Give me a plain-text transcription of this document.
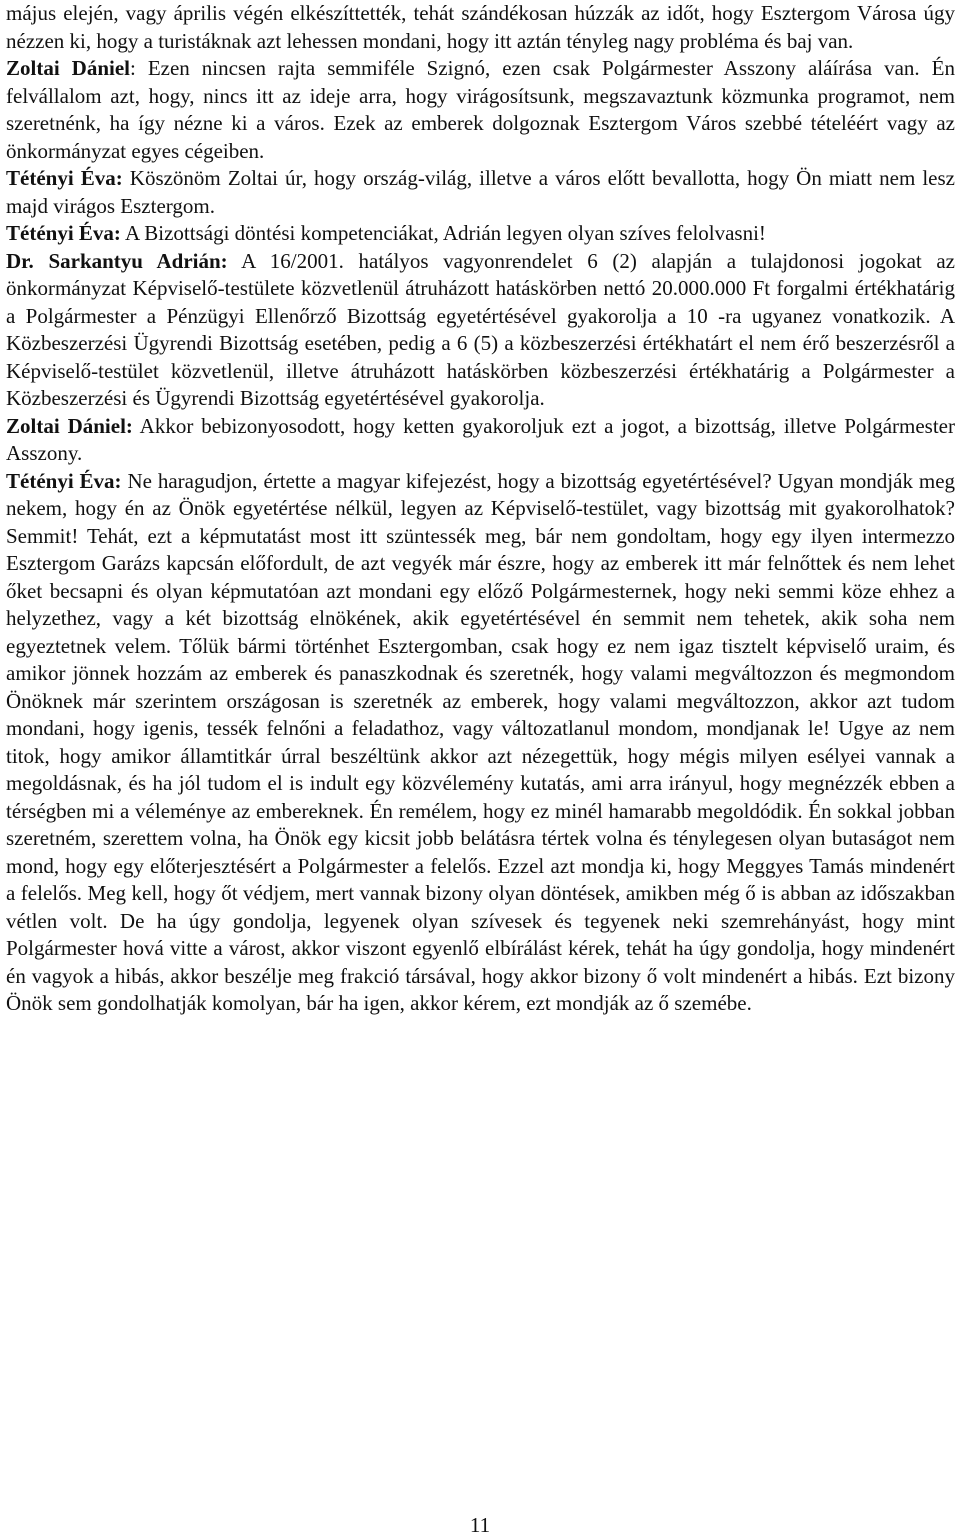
május elején, vagy április végén elkészíttették, tehát szándékosan húzzák az időt, hogy Esztergom Városa úgy nézzen ki, hogy a turistáknak azt lehessen mondani, hogy itt aztán tényleg nagy probléma és baj van.

Zoltai Dániel: Ezen nincsen rajta semmiféle Szignó, ezen csak Polgármester Asszony aláírása van. Én felvállalom azt, hogy, nincs itt az ideje arra, hogy virágosítsunk, megszavaztunk közmunka programot, nem szeretnénk, ha így nézne ki a város. Ezek az emberek dolgoznak Esztergom Város szebbé tételéért vagy az önkormányzat egyes cégeiben.

Tétényi Éva: Köszönöm Zoltai úr, hogy ország-világ, illetve a város előtt bevallotta, hogy Ön miatt nem lesz majd virágos Esztergom.

Tétényi Éva: A Bizottsági döntési kompetenciákat, Adrián legyen olyan szíves felolvasni!

Dr. Sarkantyu Adrián: A 16/2001. hatályos vagyonrendelet 6 (2) alapján a tulajdonosi jogokat az önkormányzat Képviselő-testülete közvetlenül átruházott hatáskörben nettó 20.000.000 Ft forgalmi értékhatárig a Polgármester a Pénzügyi Ellenőrző Bizottság egyetértésével gyakorolja a 10 -ra ugyanez vonatkozik. A Közbeszerzési Ügyrendi Bizottság esetében, pedig a 6 (5) a közbeszerzési értékhatárt el nem érő beszerzésről a Képviselő-testület közvetlenül, illetve átruházott hatáskörben közbeszerzési értékhatárig a Polgármester a Közbeszerzési és Ügyrendi Bizottság egyetértésével gyakorolja.

Zoltai Dániel: Akkor bebizonyosodott, hogy ketten gyakoroljuk ezt a jogot, a bizottság, illetve Polgármester Asszony.

Tétényi Éva: Ne haragudjon, értette a magyar kifejezést, hogy a bizottság egyetértésével? Ugyan mondják meg nekem, hogy én az Önök egyetértése nélkül, legyen az Képviselő-testület, vagy bizottság mit gyakorolhatok? Semmit! Tehát, ezt a képmutatást most itt szüntessék meg, bár nem gondoltam, hogy egy ilyen intermezzo Esztergom Garázs kapcsán előfordult, de azt vegyék már észre, hogy az emberek itt már felnőttek és nem lehet őket becsapni és olyan képmutatóan azt mondani egy előző Polgármesternek, hogy neki semmi köze ehhez a helyzethez, vagy a két bizottság elnökének, akik egyetértésével én semmit nem tehetek, akik soha nem egyeztetnek velem. Tőlük bármi történhet Esztergomban, csak hogy ez nem igaz tisztelt képviselő uraim, és amikor jönnek hozzám az emberek és panaszkodnak és szeretnék, hogy valami megváltozzon és megmondom Önöknek már szerintem országosan is szeretnék az emberek, hogy valami megváltozzon, akkor azt tudom mondani, hogy igenis, tessék felnőni a feladathoz, vagy változatlanul mondom, mondjanak le! Ugye az nem titok, hogy amikor államtitkár úrral beszéltünk akkor azt nézegettük, hogy mégis milyen esélyei vannak a megoldásnak, és ha jól tudom el is indult egy közvélemény kutatás, ami arra irányul, hogy megnézzék ebben a térségben mi a véleménye az embereknek. Én remélem, hogy ez minél hamarabb megoldódik. Én sokkal jobban szeretném, szerettem volna, ha Önök egy kicsit jobb belátásra tértek volna és ténylegesen olyan butaságot nem mond, hogy egy előterjesztésért a Polgármester a felelős. Ezzel azt mondja ki, hogy Meggyes Tamás mindenért a felelős. Meg kell, hogy őt védjem, mert vannak bizony olyan döntések, amikben még ő is abban az időszakban vétlen volt. De ha úgy gondolja, legyenek olyan szívesek és tegyenek neki szemrehányást, hogy mint Polgármester hová vitte a várost, akkor viszont egyenlő elbírálást kérek, tehát ha úgy gondolja, hogy mindenért én vagyok a hibás, akkor beszélje meg frakció társával, hogy akkor bizony ő volt mindenért a hibás. Ezt bizony Önök sem gondolhatják komolyan, bár ha igen, akkor kérem, ezt mondják az ő szemébe.

11
